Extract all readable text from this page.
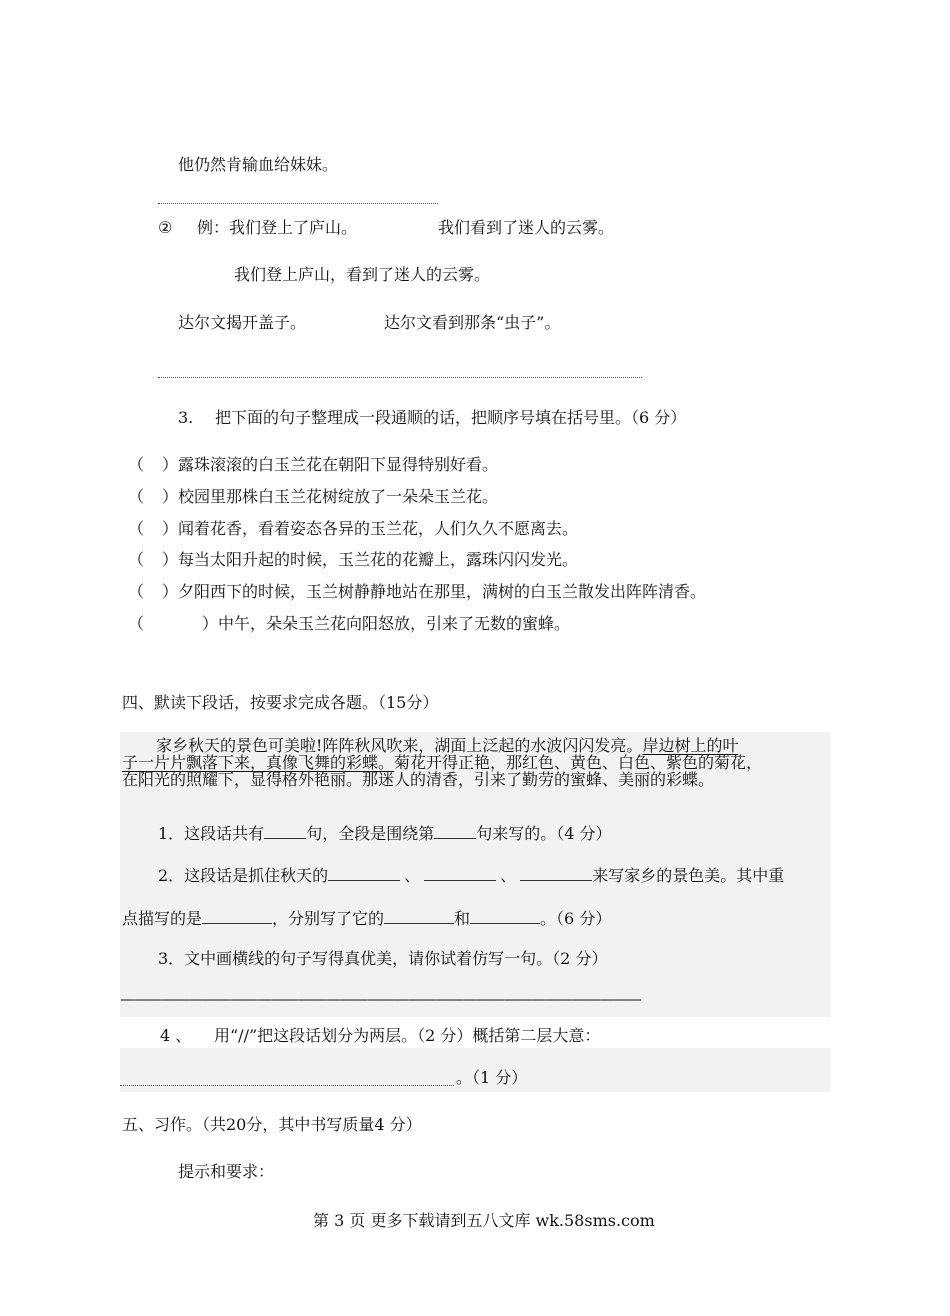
他仍然肯输血给妹妹。
② 例：我们登上了庐山。	我们看到了迷人的云雾。
我们登上庐山，看到了迷人的云雾。
达尔文揭开盖子。	达尔文看到那条“虫子”。
3. 把下面的句子整理成一段通顺的话，把顺序号填在括号里。（6 分）
（ ）露珠滚滚的白玉兰花在朝阳下显得特别好看。
（ ）校园里那株白玉兰花树绽放了一朵朵玉兰花。
（ ）闻着花香，看着姿态各异的玉兰花，人们久久不愿离去。
（ ）每当太阳升起的时候，玉兰花的花瓣上，露珠闪闪发光。
（ ）夕阳西下的时候，玉兰树静静地站在那里，满树的白玉兰散发出阵阵清香。
（	）中午，朵朵玉兰花向阳怒放，引来了无数的蜜蜂。
四、默读下段话，按要求完成各题。（15分）
家乡秋天的景色可美啦!阵阵秋风吹来，湖面上泛起的水波闪闪发亮。岸边树上的叶
子一片片飘落下来，真像飞舞的彩蝶。菊花开得正艳，那红色、黄色、白色、紫色的菊花，
在阳光的照耀下，显得格外艳丽。那迷人的清香，引来了勤劳的蜜蜂、美丽的彩蝶。
1．这段话共有	句，全段是围绕第	句来写的。（4 分）
2．这段话是抓住秋天的	、	、	来写家乡的景色美。其中重
点描写的是	，分别写了它的	和	。（6 分）
3．文中画横线的句子写得真优美，请你试着仿写一句。（2 分）
——————————————————————————————————————
4 、 用“//”把这段话划分为两层。（2 分）概括第二层大意：
。（1 分）
五、习作。（共20分，其中书写质量4 分）
提示和要求：
第 3 页 更多下载请到五八文库 wk.58sms.com
